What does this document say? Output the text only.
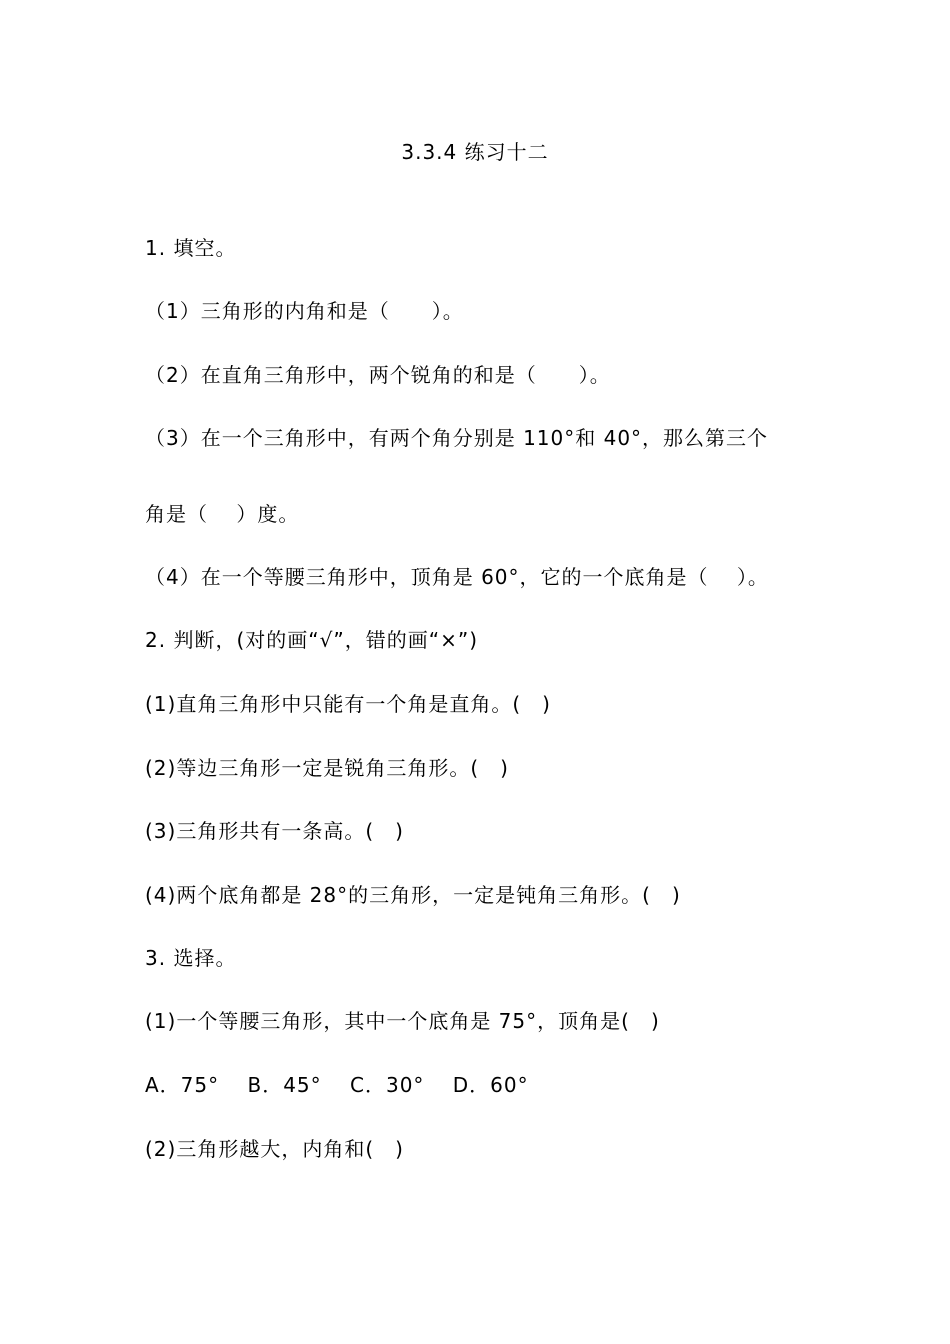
3.3.4 练习十二
1. 填空。
（1）三角形的内角和是（　　）。
（2）在直角三角形中，两个锐角的和是（　　）。
（3）在一个三角形中，有两个角分别是 110°和 40°，那么第三个
角是（　 ）度。
（4）在一个等腰三角形中，顶角是 60°，它的一个底角是（　 ）。
2. 判断，(对的画“√”，错的画“×”)
(1)直角三角形中只能有一个角是直角。(　)
(2)等边三角形一定是锐角三角形。(　)
(3)三角形共有一条高。(　)
(4)两个底角都是 28°的三角形，一定是钝角三角形。(　)
3. 选择。
(1)一个等腰三角形，其中一个底角是 75°，顶角是(　)
A．75°　 B．45°　 C．30°　 D．60°
(2)三角形越大，内角和(　)
